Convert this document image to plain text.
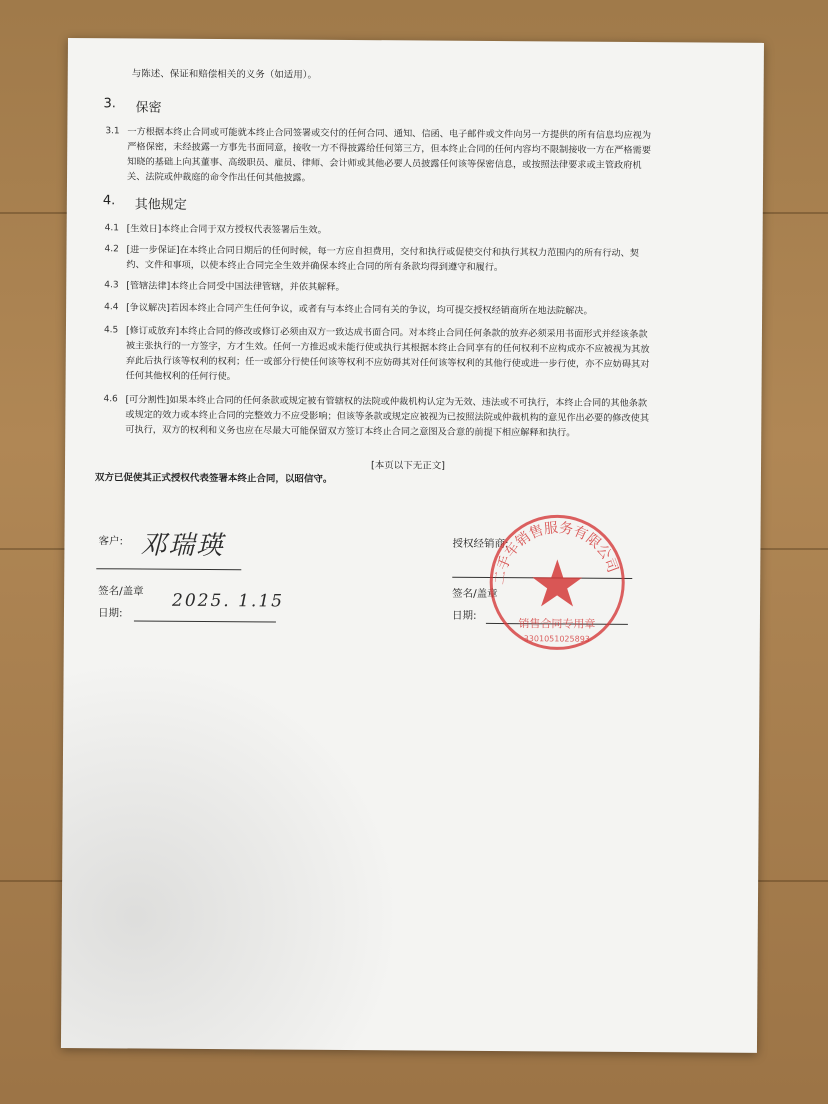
与陈述、保证和赔偿相关的义务（如适用）。
3. 保密
3.1 一方根据本终止合同或可能就本终止合同签署或交付的任何合同、通知、信函、电子邮件或文件向另一方提供的所有信息均应视为
严格保密，未经披露一方事先书面同意，接收一方不得披露给任何第三方，但本终止合同的任何内容均不限制接收一方在严格需要
知晓的基础上向其董事、高级职员、雇员、律师、会计师或其他必要人员披露任何该等保密信息，或按照法律要求或主管政府机
关、法院或仲裁庭的命令作出任何其他披露。
4. 其他规定
4.1 [生效日]本终止合同于双方授权代表签署后生效。
4.2 [进一步保证]在本终止合同日期后的任何时候，每一方应自担费用，交付和执行或促使交付和执行其权力范围内的所有行动、契
约、文件和事项，以使本终止合同完全生效并确保本终止合同的所有条款均得到遵守和履行。
4.3 [管辖法律]本终止合同受中国法律管辖，并依其解释。
4.4 [争议解决]若因本终止合同产生任何争议，或者有与本终止合同有关的争议，均可提交授权经销商所在地法院解决。
4.5 [修订或放弃]本终止合同的修改或修订必须由双方一致达成书面合同。对本终止合同任何条款的放弃必须采用书面形式并经该条款
被主张执行的一方签字，方才生效。任何一方推迟或未能行使或执行其根据本终止合同享有的任何权利不应构成亦不应被视为其放
弃此后执行该等权利的权利；任一或部分行使任何该等权利不应妨碍其对任何该等权利的其他行使或进一步行使，亦不应妨碍其对
任何其他权利的任何行使。
4.6 [可分割性]如果本终止合同的任何条款或规定被有管辖权的法院或仲裁机构认定为无效、违法或不可执行，本终止合同的其他条款
或规定的效力或本终止合同的完整效力不应受影响；但该等条款或规定应被视为已按照法院或仲裁机构的意见作出必要的修改使其
可执行，双方的权利和义务也应在尽最大可能保留双方签订本终止合同之意图及合意的前提下相应解释和执行。
[本页以下无正文]
双方已促使其正式授权代表签署本终止合同，以昭信守。
客户: 邓瑞瑛
签名/盖章
日期:
2025. 1.15
授权经销商:
签名/盖章
日期:
二手车销售服务有限公司
销售合同专用章
3301051025893
